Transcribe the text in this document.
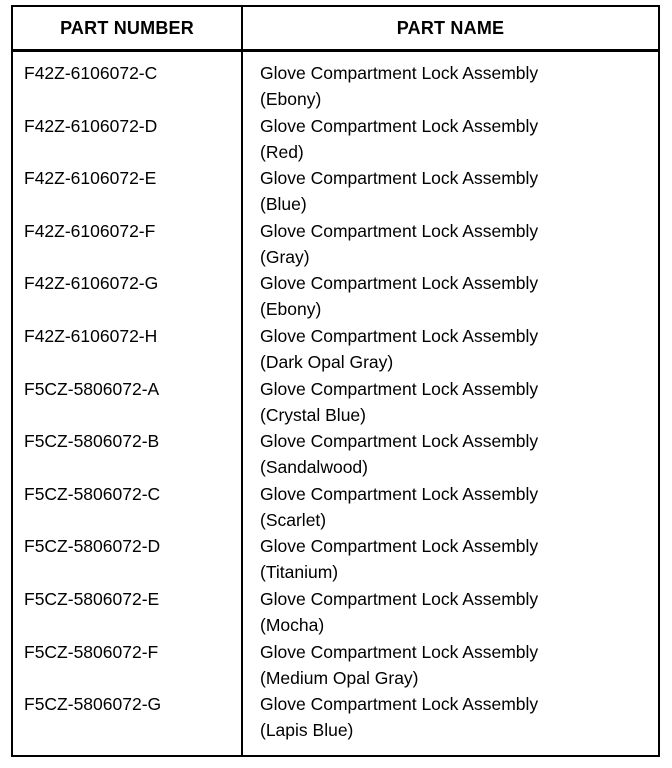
PART NUMBER	PART NAME
F42Z-6106072-C	Glove Compartment Lock Assembly
(Ebony)
F42Z-6106072-D	Glove Compartment Lock Assembly
(Red)
F42Z-6106072-E	Glove Compartment Lock Assembly
(Blue)
F42Z-6106072-F	Glove Compartment Lock Assembly
(Gray)
F42Z-6106072-G	Glove Compartment Lock Assembly
(Ebony)
F42Z-6106072-H	Glove Compartment Lock Assembly
(Dark Opal Gray)
F5CZ-5806072-A	Glove Compartment Lock Assembly
(Crystal Blue)
F5CZ-5806072-B	Glove Compartment Lock Assembly
(Sandalwood)
F5CZ-5806072-C	Glove Compartment Lock Assembly
(Scarlet)
F5CZ-5806072-D	Glove Compartment Lock Assembly
(Titanium)
F5CZ-5806072-E	Glove Compartment Lock Assembly
(Mocha)
F5CZ-5806072-F	Glove Compartment Lock Assembly
(Medium Opal Gray)
F5CZ-5806072-G	Glove Compartment Lock Assembly
(Lapis Blue)
